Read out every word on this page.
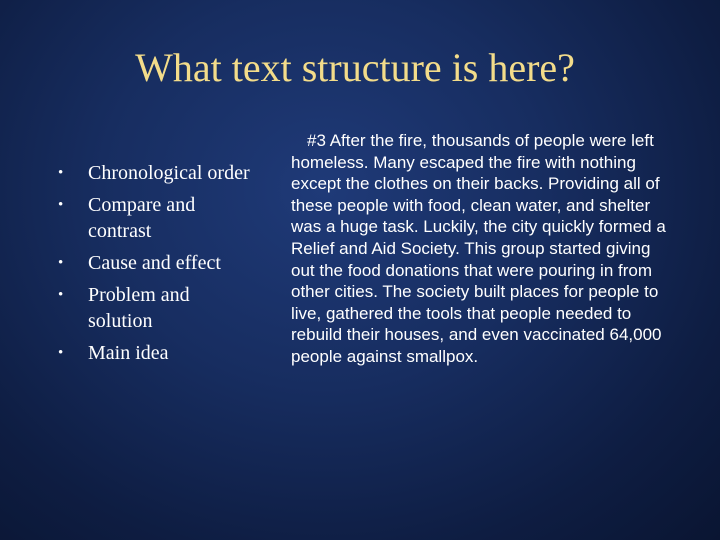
What text structure is here?
• Chronological order
• Compare and contrast
• Cause and effect
• Problem and solution
• Main idea

#3 After the fire, thousands of people were left homeless. Many escaped the fire with nothing except the clothes on their backs. Providing all of these people with food, clean water, and shelter was a huge task. Luckily, the city quickly formed a Relief and Aid Society. This group started giving out the food donations that were pouring in from other cities. The society built places for people to live, gathered the tools that people needed to rebuild their houses, and even vaccinated 64,000 people against smallpox.
